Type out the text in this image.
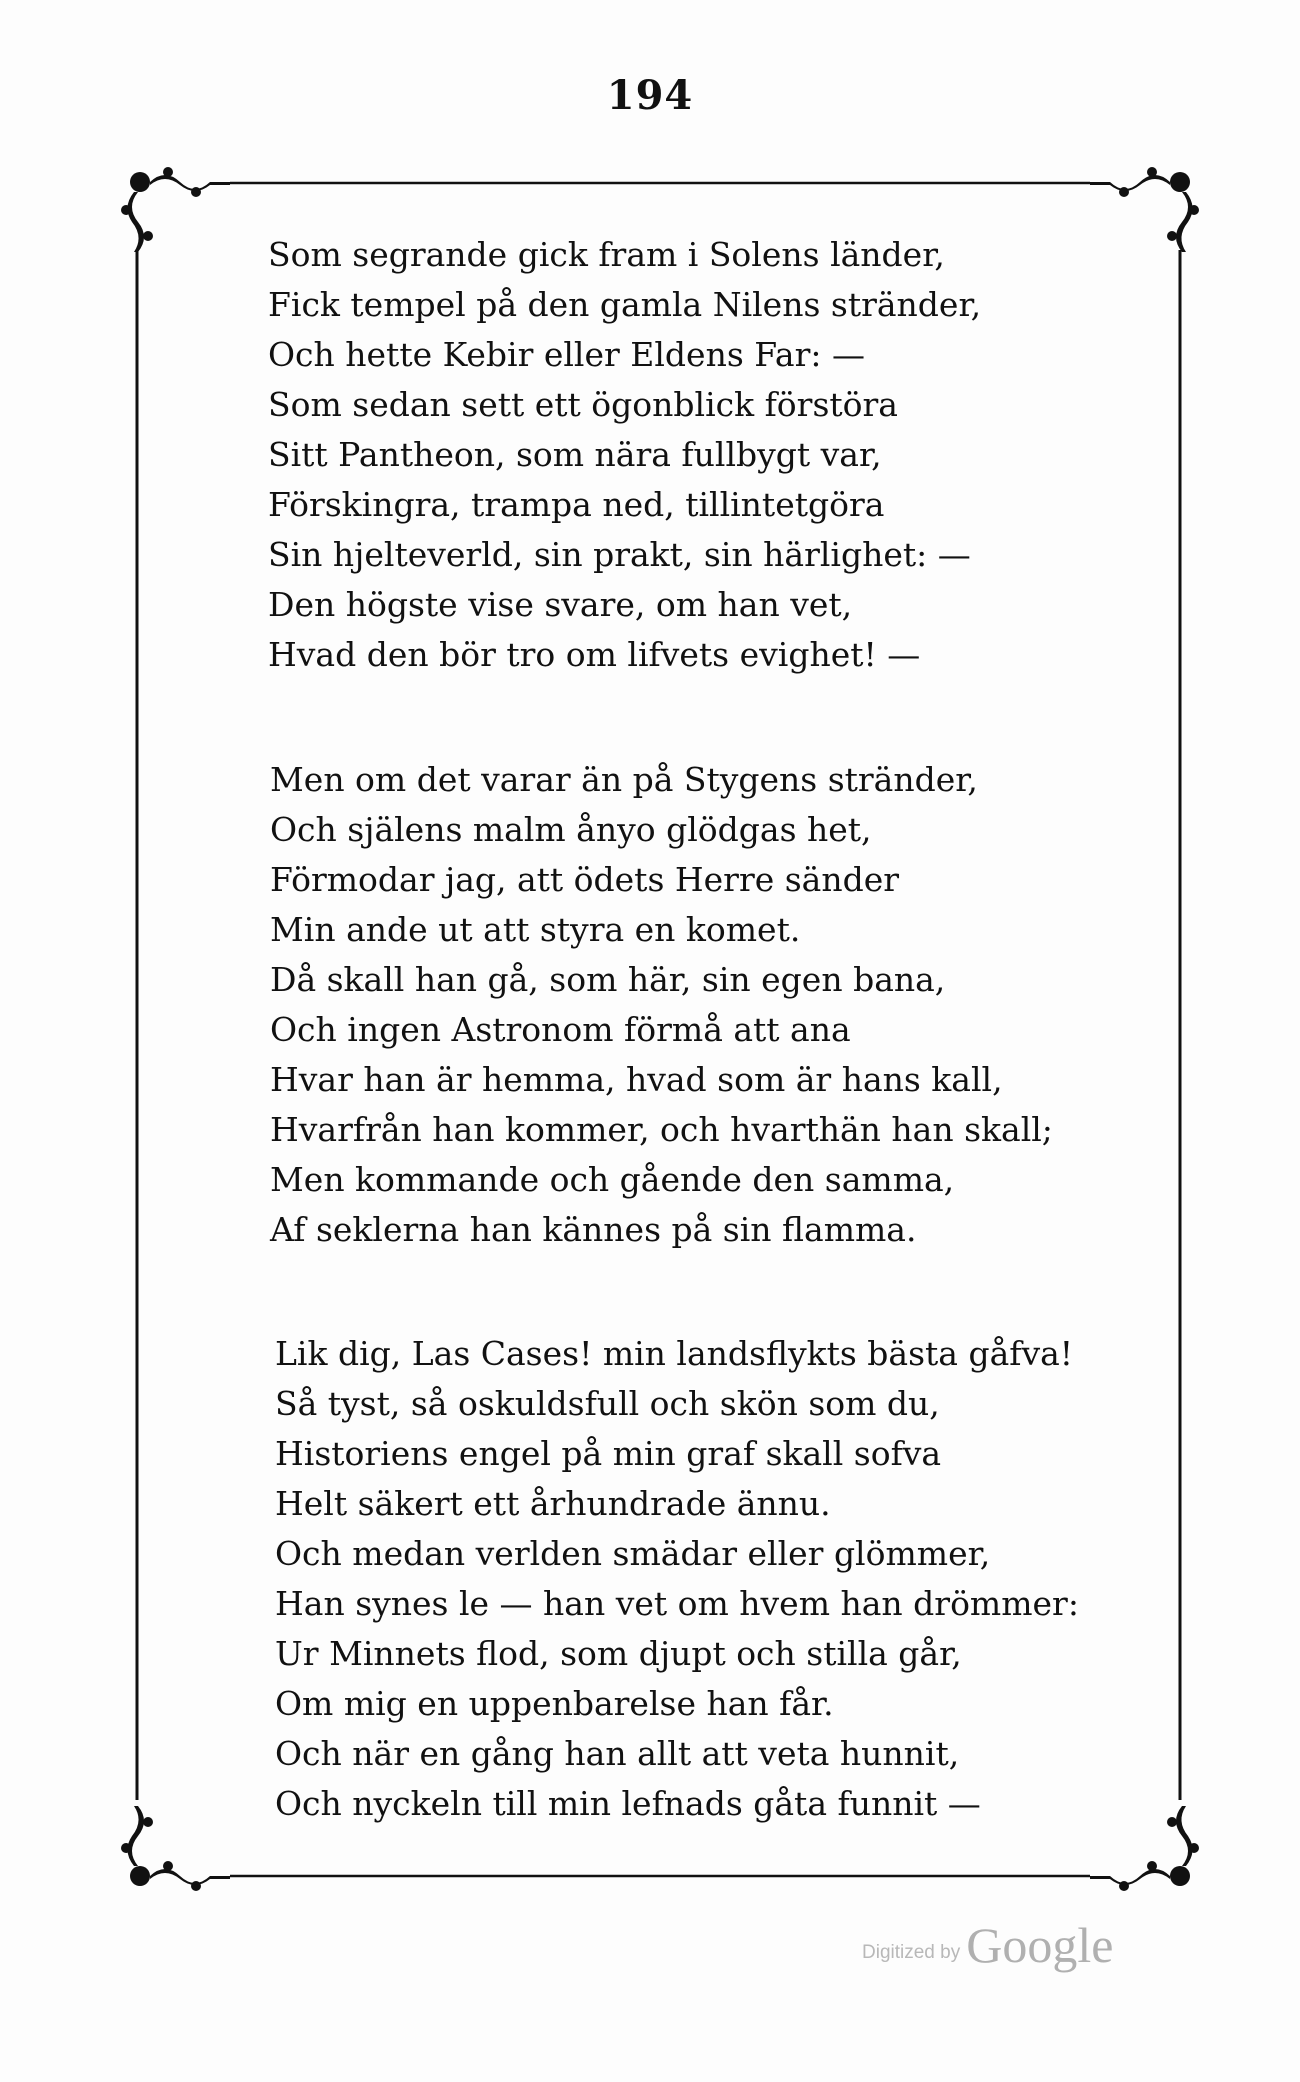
194
Som segrande gick fram i Solens länder,
Fick tempel på den gamla Nilens stränder,
Och hette Kebir eller Eldens Far: —
Som sedan sett ett ögonblick förstöra
Sitt Pantheon, som nära fullbygt var,
Förskingra, trampa ned, tillintetgöra
Sin hjelteverld, sin prakt, sin härlighet: —
Den högste vise svare, om han vet,
Hvad den bör tro om lifvets evighet! —
Men om det varar än på Stygens stränder,
Och själens malm ånyo glödgas het,
Förmodar jag, att ödets Herre sänder
Min ande ut att styra en komet.
Då skall han gå, som här, sin egen bana,
Och ingen Astronom förmå att ana
Hvar han är hemma, hvad som är hans kall,
Hvarfrån han kommer, och hvarthän han skall;
Men kommande och gående den samma,
Af seklerna han kännes på sin flamma.
Lik dig, Las Cases! min landsflykts bästa gåfva!
Så tyst, så oskuldsfull och skön som du,
Historiens engel på min graf skall sofva
Helt säkert ett århundrade ännu.
Och medan verlden smädar eller glömmer,
Han synes le — han vet om hvem han drömmer:
Ur Minnets flod, som djupt och stilla går,
Om mig en uppenbarelse han får.
Och när en gång han allt att veta hunnit,
Och nyckeln till min lefnads gåta funnit —
Digitized by Google
